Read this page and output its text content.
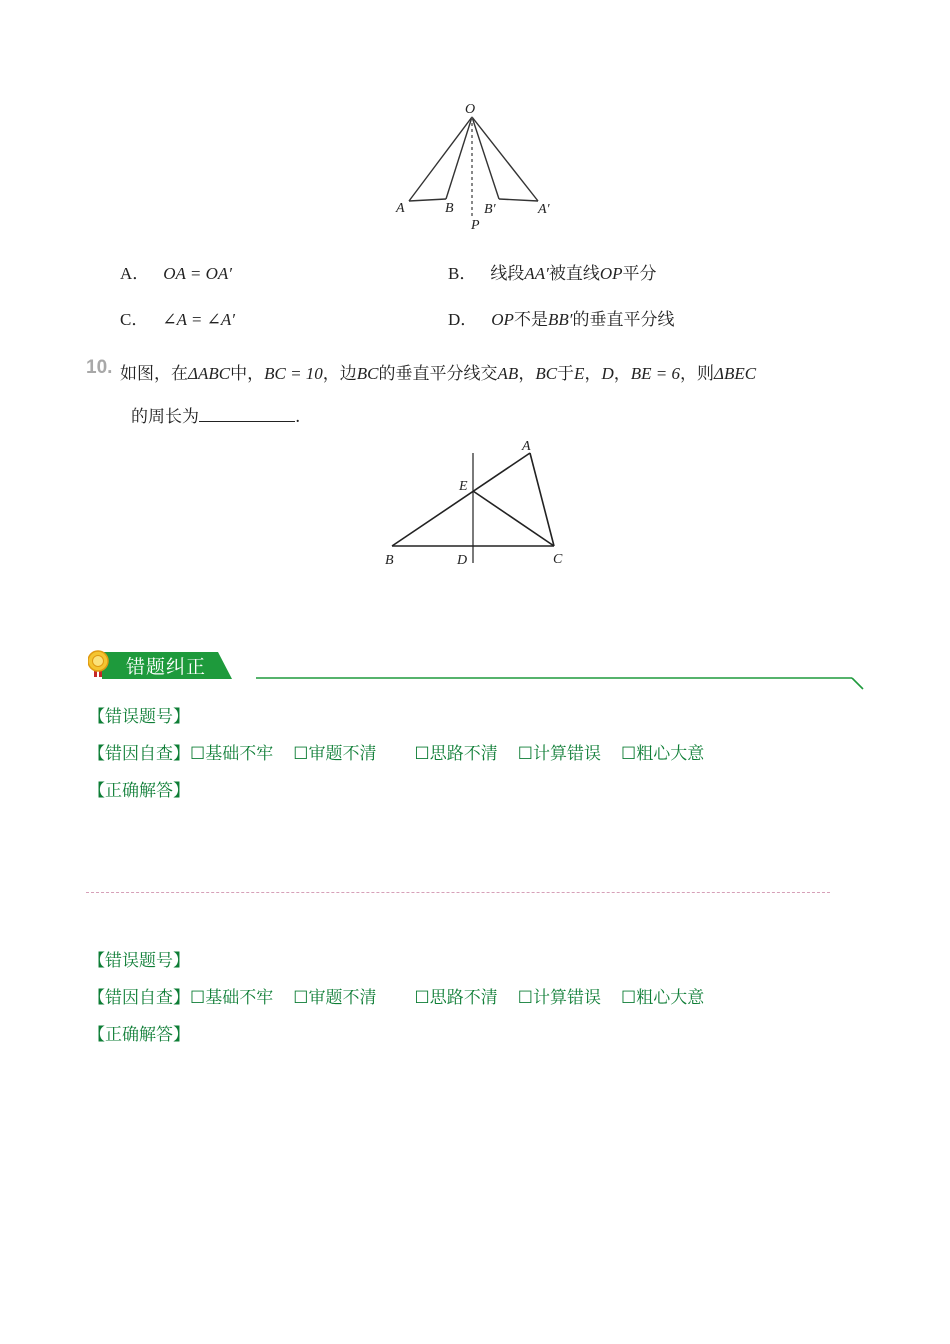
O
A	B B′	A′
P
A． OA = OA′	B． 线段AA′被直线OP平分
C． ∠A = ∠A′	D． OP不是BB′的垂直平分线
10. 如图，在ΔABC中，BC = 10，边BC的垂直平分线交AB，BC于E，D，BE = 6，则ΔBEC
的周长为	.
A
E
B	D	C
错题纠正
【错误题号】
【错因自查】☐基础不牢 ☐审题不清 ☐思路不清 ☐计算错误 ☐粗心大意
【正确解答】
【错误题号】
【错因自查】☐基础不牢 ☐审题不清 ☐思路不清 ☐计算错误 ☐粗心大意
【正确解答】
